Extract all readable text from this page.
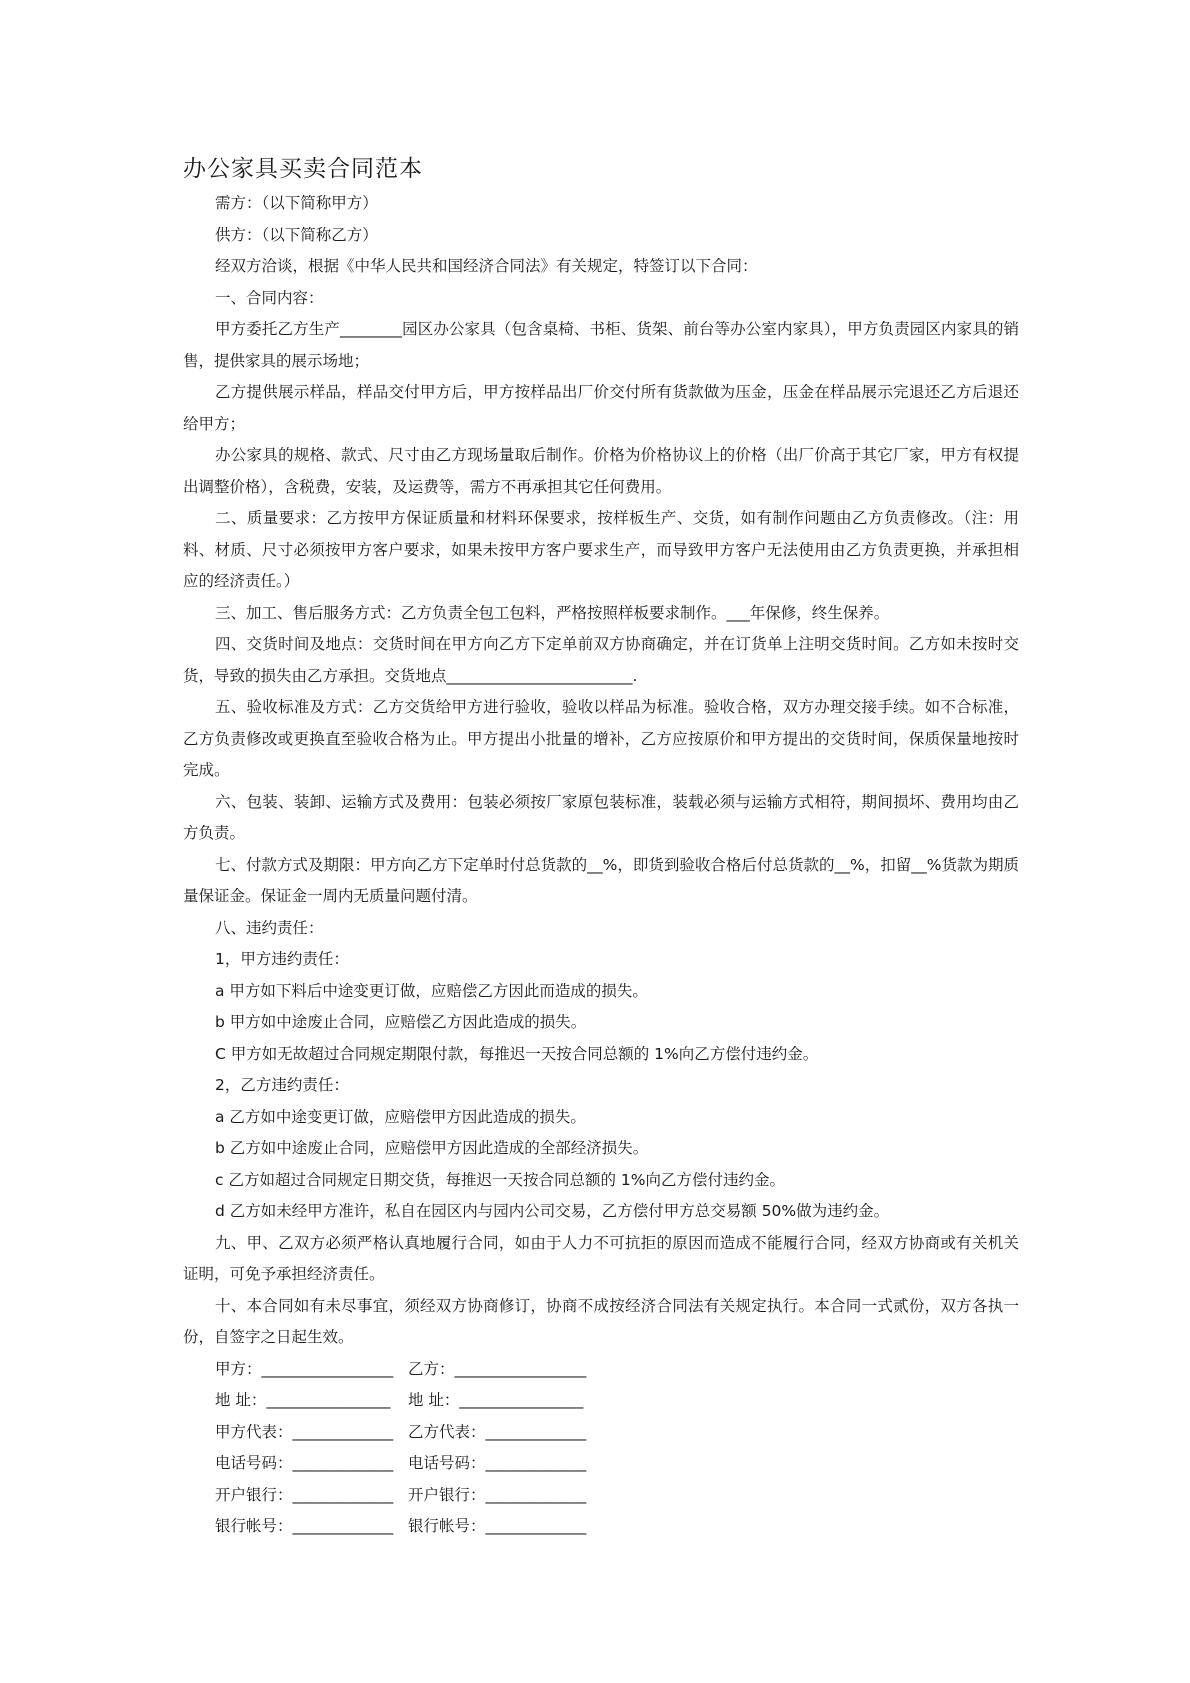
办公家具买卖合同范本

需方：（以下简称甲方）

供方：（以下简称乙方）

经双方洽谈，根据《中华人民共和国经济合同法》有关规定，特签订以下合同：

一、合同内容：

甲方委托乙方生产________园区办公家具（包含桌椅、书柜、货架、前台等办公室内家具），甲方负责园区内家具的销售，提供家具的展示场地；

乙方提供展示样品，样品交付甲方后，甲方按样品出厂价交付所有货款做为压金，压金在样品展示完退还乙方后退还给甲方；

办公家具的规格、款式、尺寸由乙方现场量取后制作。价格为价格协议上的价格（出厂价高于其它厂家，甲方有权提出调整价格），含税费，安装，及运费等，需方不再承担其它任何费用。

二、质量要求：乙方按甲方保证质量和材料环保要求，按样板生产、交货，如有制作问题由乙方负责修改。（注：用料、材质、尺寸必须按甲方客户要求，如果未按甲方客户要求生产，而导致甲方客户无法使用由乙方负责更换，并承担相应的经济责任。）

三、加工、售后服务方式：乙方负责全包工包料，严格按照样板要求制作。___年保修，终生保养。

四、交货时间及地点：交货时间在甲方向乙方下定单前双方协商确定，并在订货单上注明交货时间。乙方如未按时交货，导致的损失由乙方承担。交货地点________________________.

五、验收标准及方式：乙方交货给甲方进行验收，验收以样品为标准。验收合格，双方办理交接手续。如不合标准，乙方负责修改或更换直至验收合格为止。甲方提出小批量的增补，乙方应按原价和甲方提出的交货时间，保质保量地按时完成。

六、包装、装卸、运输方式及费用：包装必须按厂家原包装标准，装载必须与运输方式相符，期间损坏、费用均由乙方负责。

七、付款方式及期限：甲方向乙方下定单时付总货款的__%，即货到验收合格后付总货款的__%，扣留__%货款为期质量保证金。保证金一周内无质量问题付清。

八、违约责任：

1，甲方违约责任：

a 甲方如下料后中途变更订做，应赔偿乙方因此而造成的损失。

b 甲方如中途废止合同，应赔偿乙方因此造成的损失。

C 甲方如无故超过合同规定期限付款，每推迟一天按合同总额的 1%向乙方偿付违约金。

2，乙方违约责任：

a 乙方如中途变更订做，应赔偿甲方因此造成的损失。

b 乙方如中途废止合同，应赔偿甲方因此造成的全部经济损失。

c 乙方如超过合同规定日期交货，每推迟一天按合同总额的 1%向乙方偿付违约金。

d 乙方如未经甲方准许，私自在园区内与园内公司交易，乙方偿付甲方总交易额 50%做为违约金。

九、甲、乙双方必须严格认真地履行合同，如由于人力不可抗拒的原因而造成不能履行合同，经双方协商或有关机关证明，可免予承担经济责任。

十、本合同如有未尽事宜，须经双方协商修订，协商不成按经济合同法有关规定执行。本合同一式贰份，双方各执一份，自签字之日起生效。

甲方：_________________ 乙方：_________________
地 址：________________ 地 址：________________
甲方代表：_____________ 乙方代表：_____________
电话号码：_____________ 电话号码：_____________
开户银行：_____________ 开户银行：_____________
银行帐号：_____________ 银行帐号：_____________
